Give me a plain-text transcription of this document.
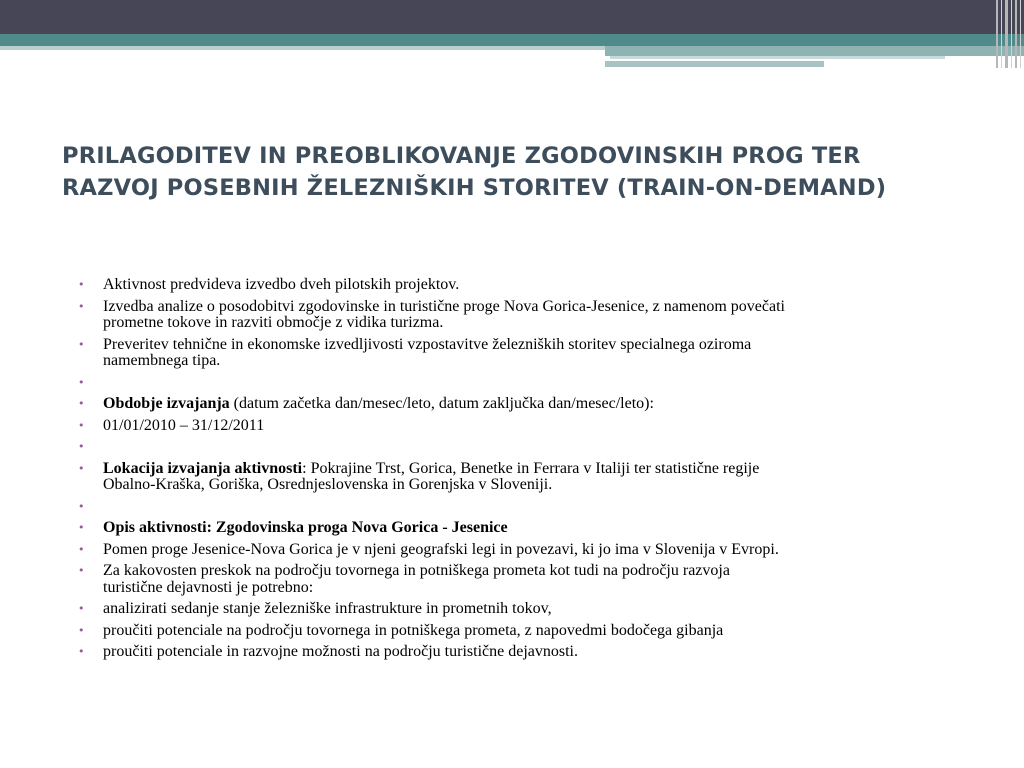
PRILAGODITEV IN PREOBLIKOVANJE ZGODOVINSKIH PROG TER
RAZVOJ POSEBNIH ŽELEZNIŠKIH STORITEV (TRAIN-ON-DEMAND)
• Aktivnost predvideva izvedbo dveh pilotskih projektov.
• Izvedba analize o posodobitvi zgodovinske in turistične proge Nova Gorica-Jesenice, z namenom povečati
prometne tokove in razviti območje z vidika turizma.
• Preveritev tehnične in ekonomske izvedljivosti vzpostavitve železniških storitev specialnega oziroma
namembnega tipa.
•
• Obdobje izvajanja (datum začetka dan/mesec/leto, datum zaključka dan/mesec/leto):
• 01/01/2010 – 31/12/2011
•
• Lokacija izvajanja aktivnosti: Pokrajine Trst, Gorica, Benetke in Ferrara v Italiji ter statistične regije
Obalno-Kraška, Goriška, Osrednjeslovenska in Gorenjska v Sloveniji.
•
• Opis aktivnosti: Zgodovinska proga Nova Gorica - Jesenice
• Pomen proge Jesenice-Nova Gorica je v njeni geografski legi in povezavi, ki jo ima v Slovenija v Evropi.
• Za kakovosten preskok na področju tovornega in potniškega prometa kot tudi na področju razvoja
turistične dejavnosti je potrebno:
• analizirati sedanje stanje železniške infrastrukture in prometnih tokov,
• proučiti potenciale na področju tovornega in potniškega prometa, z napovedmi bodočega gibanja
• proučiti potenciale in razvojne možnosti na področju turistične dejavnosti.
